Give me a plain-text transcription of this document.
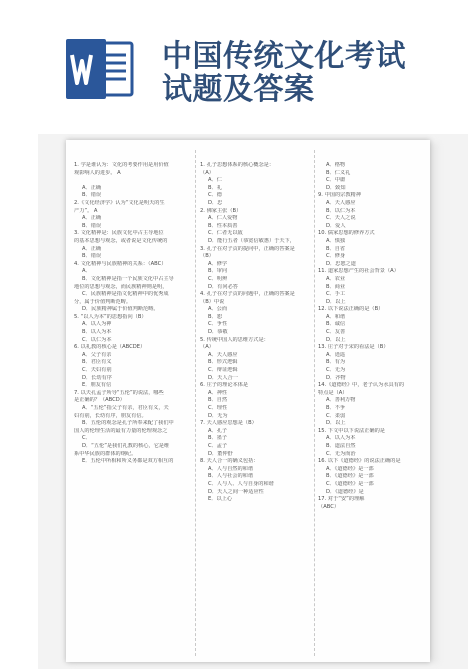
中国传统文化考试
试题及答案
1. 学是谁认为：文化的考要作用是用价值
观影响人的进步。 A

A．正确
B．错误
2.《文化经济学》认为“文化是明天的生
产力”。 A
A．正确
B．错误
3. 文化精神是：民族文化中占主导地位
的基本思想与观念，或者说是文化传统的
A．正确
B．错误
4. 文化精神与民族精神的关系：（ABC）
A．
B．文化精神是指一个民族文化中占主导
地位的思想与观念，而民族精神则是明，
C．民族精神是指文化精神中的优秀成
分，属于价值判断范畴。
D．民族精神属于价值判断范畴。
5. “以人为本”的思想指向（B）
A．以人为神
B．以人为本
C．以仁为本
6. 以礼教的核心是（ABCDE）
A．父子有亲
B．君臣有义
C．夫妇有别
D．长幼有序
E．朋友有信
7. 以夫孔孟子所导“五伦”的说法，哪些
是正确的？（ABCD）
A．“五伦”指父子有亲，君臣有义，夫
妇有别，长幼有序，朋友有信。
B．五伦的观念是孔子所奉来配了我们中
国人的伦理生活的最有力量的伦理观念之
C．
D．“五伦”是我们礼教的核心，它是维
系中华民族的群体的纲纪。
E．五伦中所相和所义务都是双方相互的
1. 孔子思想体系的核心概念是：
（A）
A．仁
B．礼
C．德
D．忠
2. 佛家主张（B）
A．仁人爱物
B．性本质善
C．仁者无以敌
D．能行五者（恭宽信敏惠）于天下，
3. 孔子在对子贡的提问中，正确的答案是
（B）
A．修学
B．审问
C．明辨
D．有问必答
4. 孔子在对子贡的问题中，正确的答案是
（B）中说
A．公而
B．恕
C．争性
D．恭敬
5. 传统中国人的思维方式是：
（A）
A．天人感应
B．形式逻辑
C．辩证逻辑
D．天人合一
6. 庄子的理论本体是
A．神性
B．自然
C．理性
D．无为
7. 天人感应思想是（B）
A．孔子
B．墨子
C．孟子
D．董仲舒
8. 天人合一的确义包括：
A．人与自然的和谐
B．人与社会的和谐
C．人与人、人与自身的和谐
D．天人之间一种适应性
E．以上心
A．格物
B．仁义礼
C．中庸
D．致知
9. 中国的宗教精神
A．天人感应
B．以仁为本
C．天人之说
D．爱人
10. 儒家思想的修养方式
A．慎独
B．自省
C．修身
D．忠恕之道
11. 道家思想产生的社会背景（A）
A．农业
B．商业
C．手工
D．以上
12. 以下说法正确的是（B）
A．和谐
B．诚信
C．友善
D．以上
13. 庄子对于宋的看法是（B）
A．逍遥
B．有为
C．无为
D．齐物
14.《道德经》中，老子认为水具有的
特点是（A）
A．善利万物
B．不争
C．柔弱
D．以上
15. 下文中以下说法正确的是
A．以人为本
B．道法自然
C．无为而治
16. 以下《道德经》的说法正确的是
A．《道德经》是一部
B．《道德经》是一部
C．《道德经》是一部
D．《道德经》是
17. 对于“安”的理解
（ABC）
